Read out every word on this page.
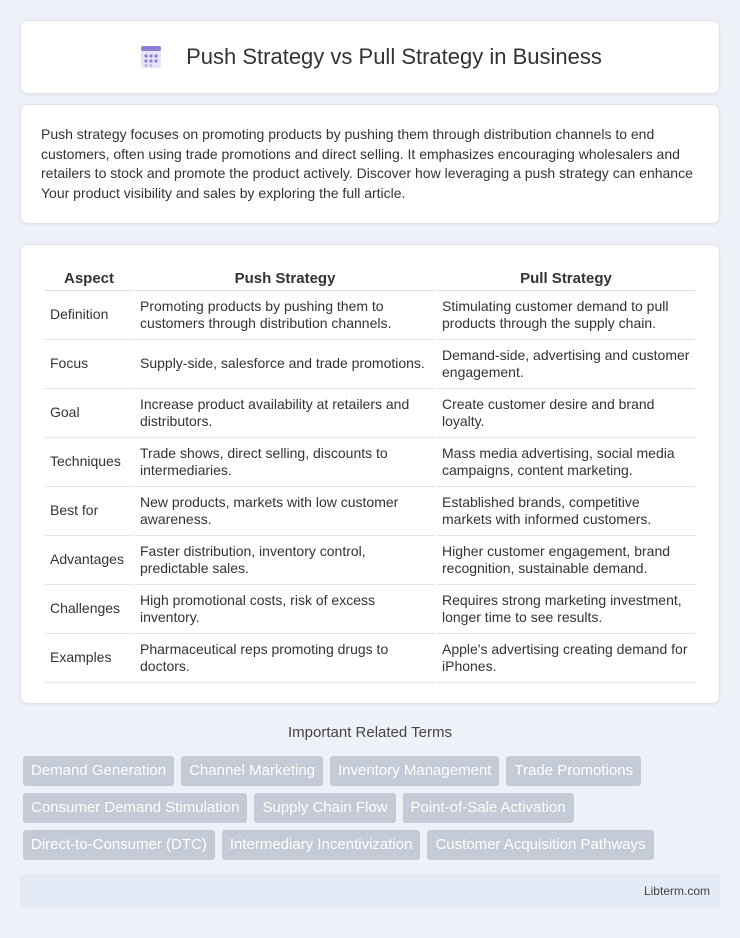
Push Strategy vs Pull Strategy in Business

Push strategy focuses on promoting products by pushing them through distribution channels to end customers, often using trade promotions and direct selling. It emphasizes encouraging wholesalers and retailers to stock and promote the product actively. Discover how leveraging a push strategy can enhance Your product visibility and sales by exploring the full article.

Aspect	Push Strategy	Pull Strategy
Definition	Promoting products by pushing them to customers through distribution channels.	Stimulating customer demand to pull products through the supply chain.
Focus	Supply-side, salesforce and trade promotions.	Demand-side, advertising and customer engagement.
Goal	Increase product availability at retailers and distributors.	Create customer desire and brand loyalty.
Techniques	Trade shows, direct selling, discounts to intermediaries.	Mass media advertising, social media campaigns, content marketing.
Best for	New products, markets with low customer awareness.	Established brands, competitive markets with informed customers.
Advantages	Faster distribution, inventory control, predictable sales.	Higher customer engagement, brand recognition, sustainable demand.
Challenges	High promotional costs, risk of excess inventory.	Requires strong marketing investment, longer time to see results.
Examples	Pharmaceutical reps promoting drugs to doctors.	Apple's advertising creating demand for iPhones.
Important Related Terms
Demand Generation	Channel Marketing	Inventory Management	Trade Promotions
Consumer Demand Stimulation	Supply Chain Flow	Point-of-Sale Activation
Direct-to-Consumer (DTC)	Intermediary Incentivization	Customer Acquisition Pathways
Libterm.com
